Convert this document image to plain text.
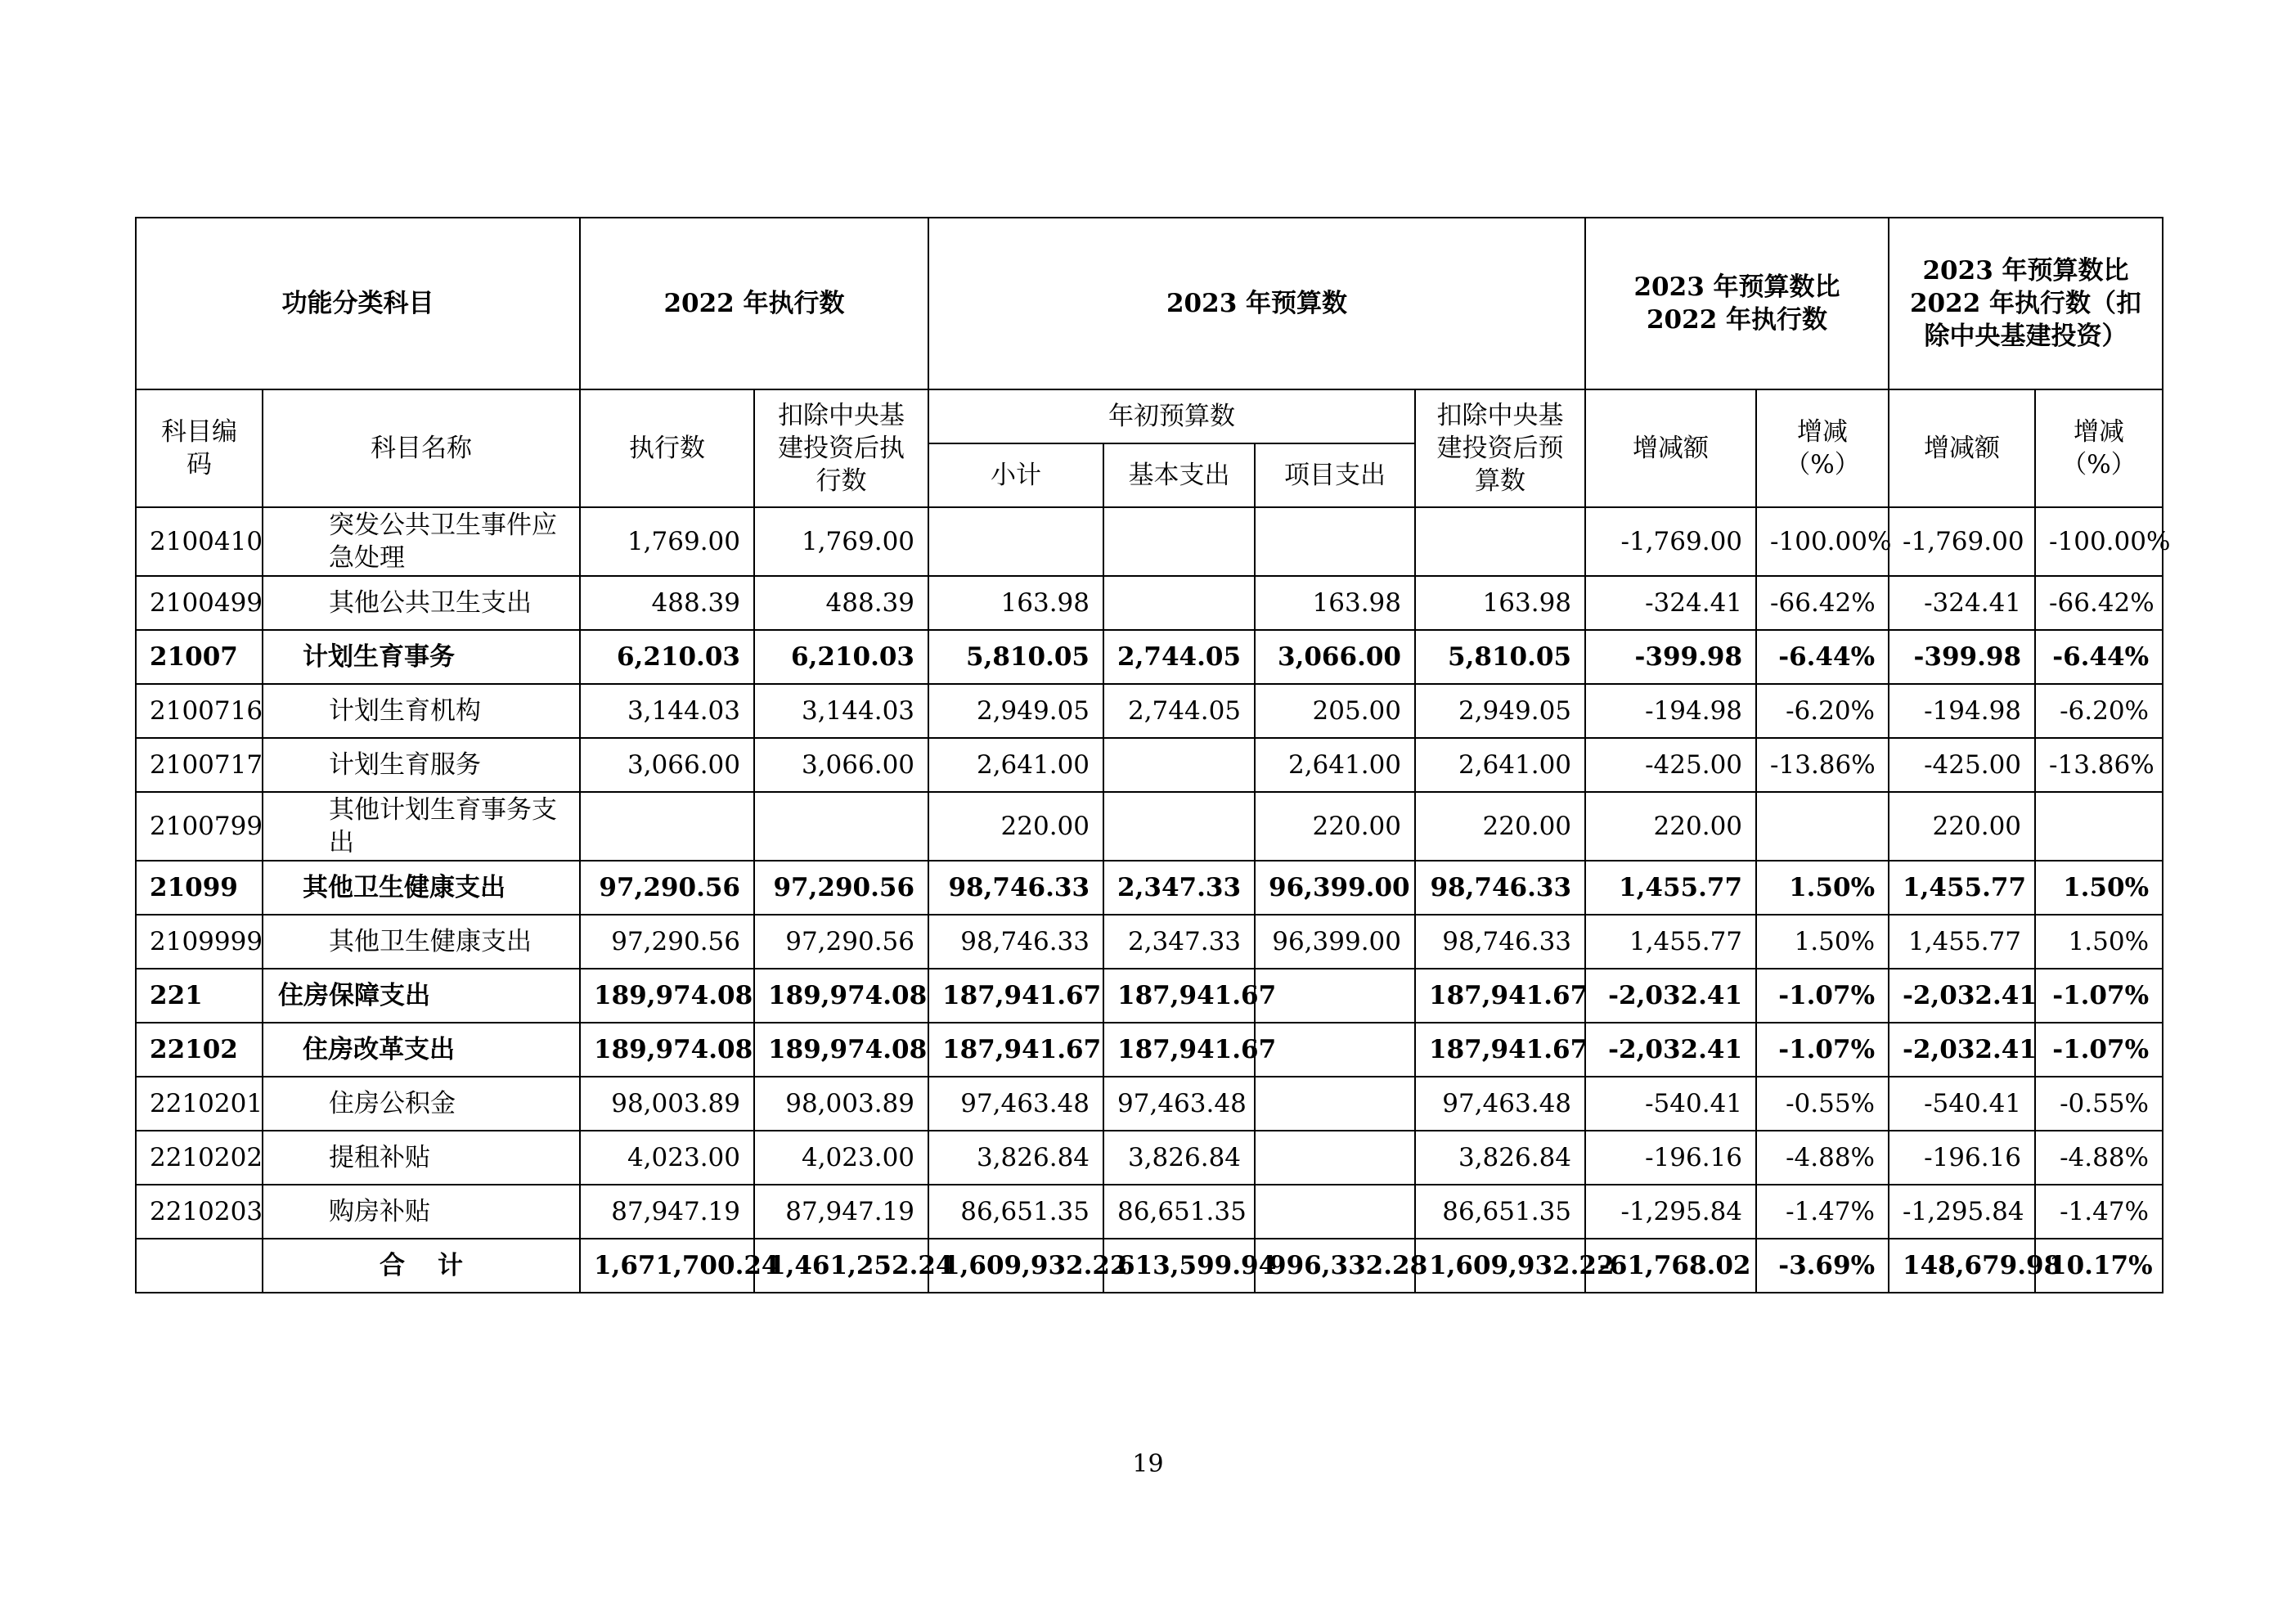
功能分类科目		2022 年执行数		2023 年预算数				2023 年预算数比 2022 年执行数		2023 年预算数比 2022 年执行数（扣除中央基建投资）	
科目编码	科目名称	执行数	扣除中央基建投资后执行数	年初预算数			扣除中央基建投资后预算数	增减额	增减（%）	增减额	增减（%）
				小计	基本支出	项目支出					
2100410	突发公共卫生事件应急处理	1,769.00	1,769.00					-1,769.00	-100.00%	-1,769.00	-100.00%
2100499	其他公共卫生支出	488.39	488.39	163.98		163.98	163.98	-324.41	-66.42%	-324.41	-66.42%
21007	计划生育事务	6,210.03	6,210.03	5,810.05	2,744.05	3,066.00	5,810.05	-399.98	-6.44%	-399.98	-6.44%
2100716	计划生育机构	3,144.03	3,144.03	2,949.05	2,744.05	205.00	2,949.05	-194.98	-6.20%	-194.98	-6.20%
2100717	计划生育服务	3,066.00	3,066.00	2,641.00		2,641.00	2,641.00	-425.00	-13.86%	-425.00	-13.86%
2100799	其他计划生育事务支出			220.00		220.00	220.00	220.00		220.00	
21099	其他卫生健康支出	97,290.56	97,290.56	98,746.33	2,347.33	96,399.00	98,746.33	1,455.77	1.50%	1,455.77	1.50%
2109999	其他卫生健康支出	97,290.56	97,290.56	98,746.33	2,347.33	96,399.00	98,746.33	1,455.77	1.50%	1,455.77	1.50%
221	住房保障支出	189,974.08	189,974.08	187,941.67	187,941.67		187,941.67	-2,032.41	-1.07%	-2,032.41	-1.07%
22102	住房改革支出	189,974.08	189,974.08	187,941.67	187,941.67		187,941.67	-2,032.41	-1.07%	-2,032.41	-1.07%
2210201	住房公积金	98,003.89	98,003.89	97,463.48	97,463.48		97,463.48	-540.41	-0.55%	-540.41	-0.55%
2210202	提租补贴	4,023.00	4,023.00	3,826.84	3,826.84		3,826.84	-196.16	-4.88%	-196.16	-4.88%
2210203	购房补贴	87,947.19	87,947.19	86,651.35	86,651.35		86,651.35	-1,295.84	-1.47%	-1,295.84	-1.47%
	合计	1,671,700.24	1,461,252.24	1,609,932.22	613,599.94	996,332.28	1,609,932.22	-61,768.02	-3.69%	148,679.98	10.17%
19
